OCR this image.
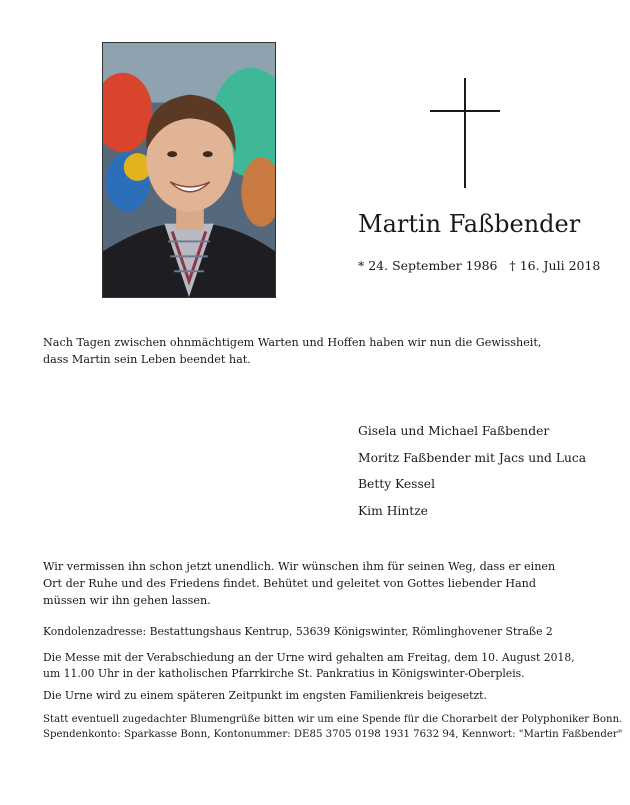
Martin Faßbender
* 24. September 1986 † 16. Juli 2018

Nach Tagen zwischen ohnmächtigem Warten und Hoffen haben wir nun die Gewissheit,

dass Martin sein Leben beendet hat.

Gisela und Michael Faßbender
Moritz Faßbender mit Jacs und Luca
Betty Kessel
Kim Hintze

Wir vermissen ihn schon jetzt unendlich. Wir wünschen ihm für seinen Weg, dass er einen

Ort der Ruhe und des Friedens findet. Behütet und geleitet von Gottes liebender Hand

müssen wir ihn gehen lassen.

Kondolenzadresse: Bestattungshaus Kentrup, 53639 Königswinter, Römlinghovener Straße 2

Die Messe mit der Verabschiedung an der Urne wird gehalten am Freitag, dem 10. August 2018,

um 11.00 Uhr in der katholischen Pfarrkirche St. Pankratius in Königswinter-Oberpleis.

Die Urne wird zu einem späteren Zeitpunkt im engsten Familienkreis beigesetzt.

Statt eventuell zugedachter Blumengrüße bitten wir um eine Spende für die Chorarbeit der Polyphoniker Bonn.

Spendenkonto: Sparkasse Bonn, Kontonummer: DE85 3705 0198 1931 7632 94, Kennwort: "Martin Faßbender"
